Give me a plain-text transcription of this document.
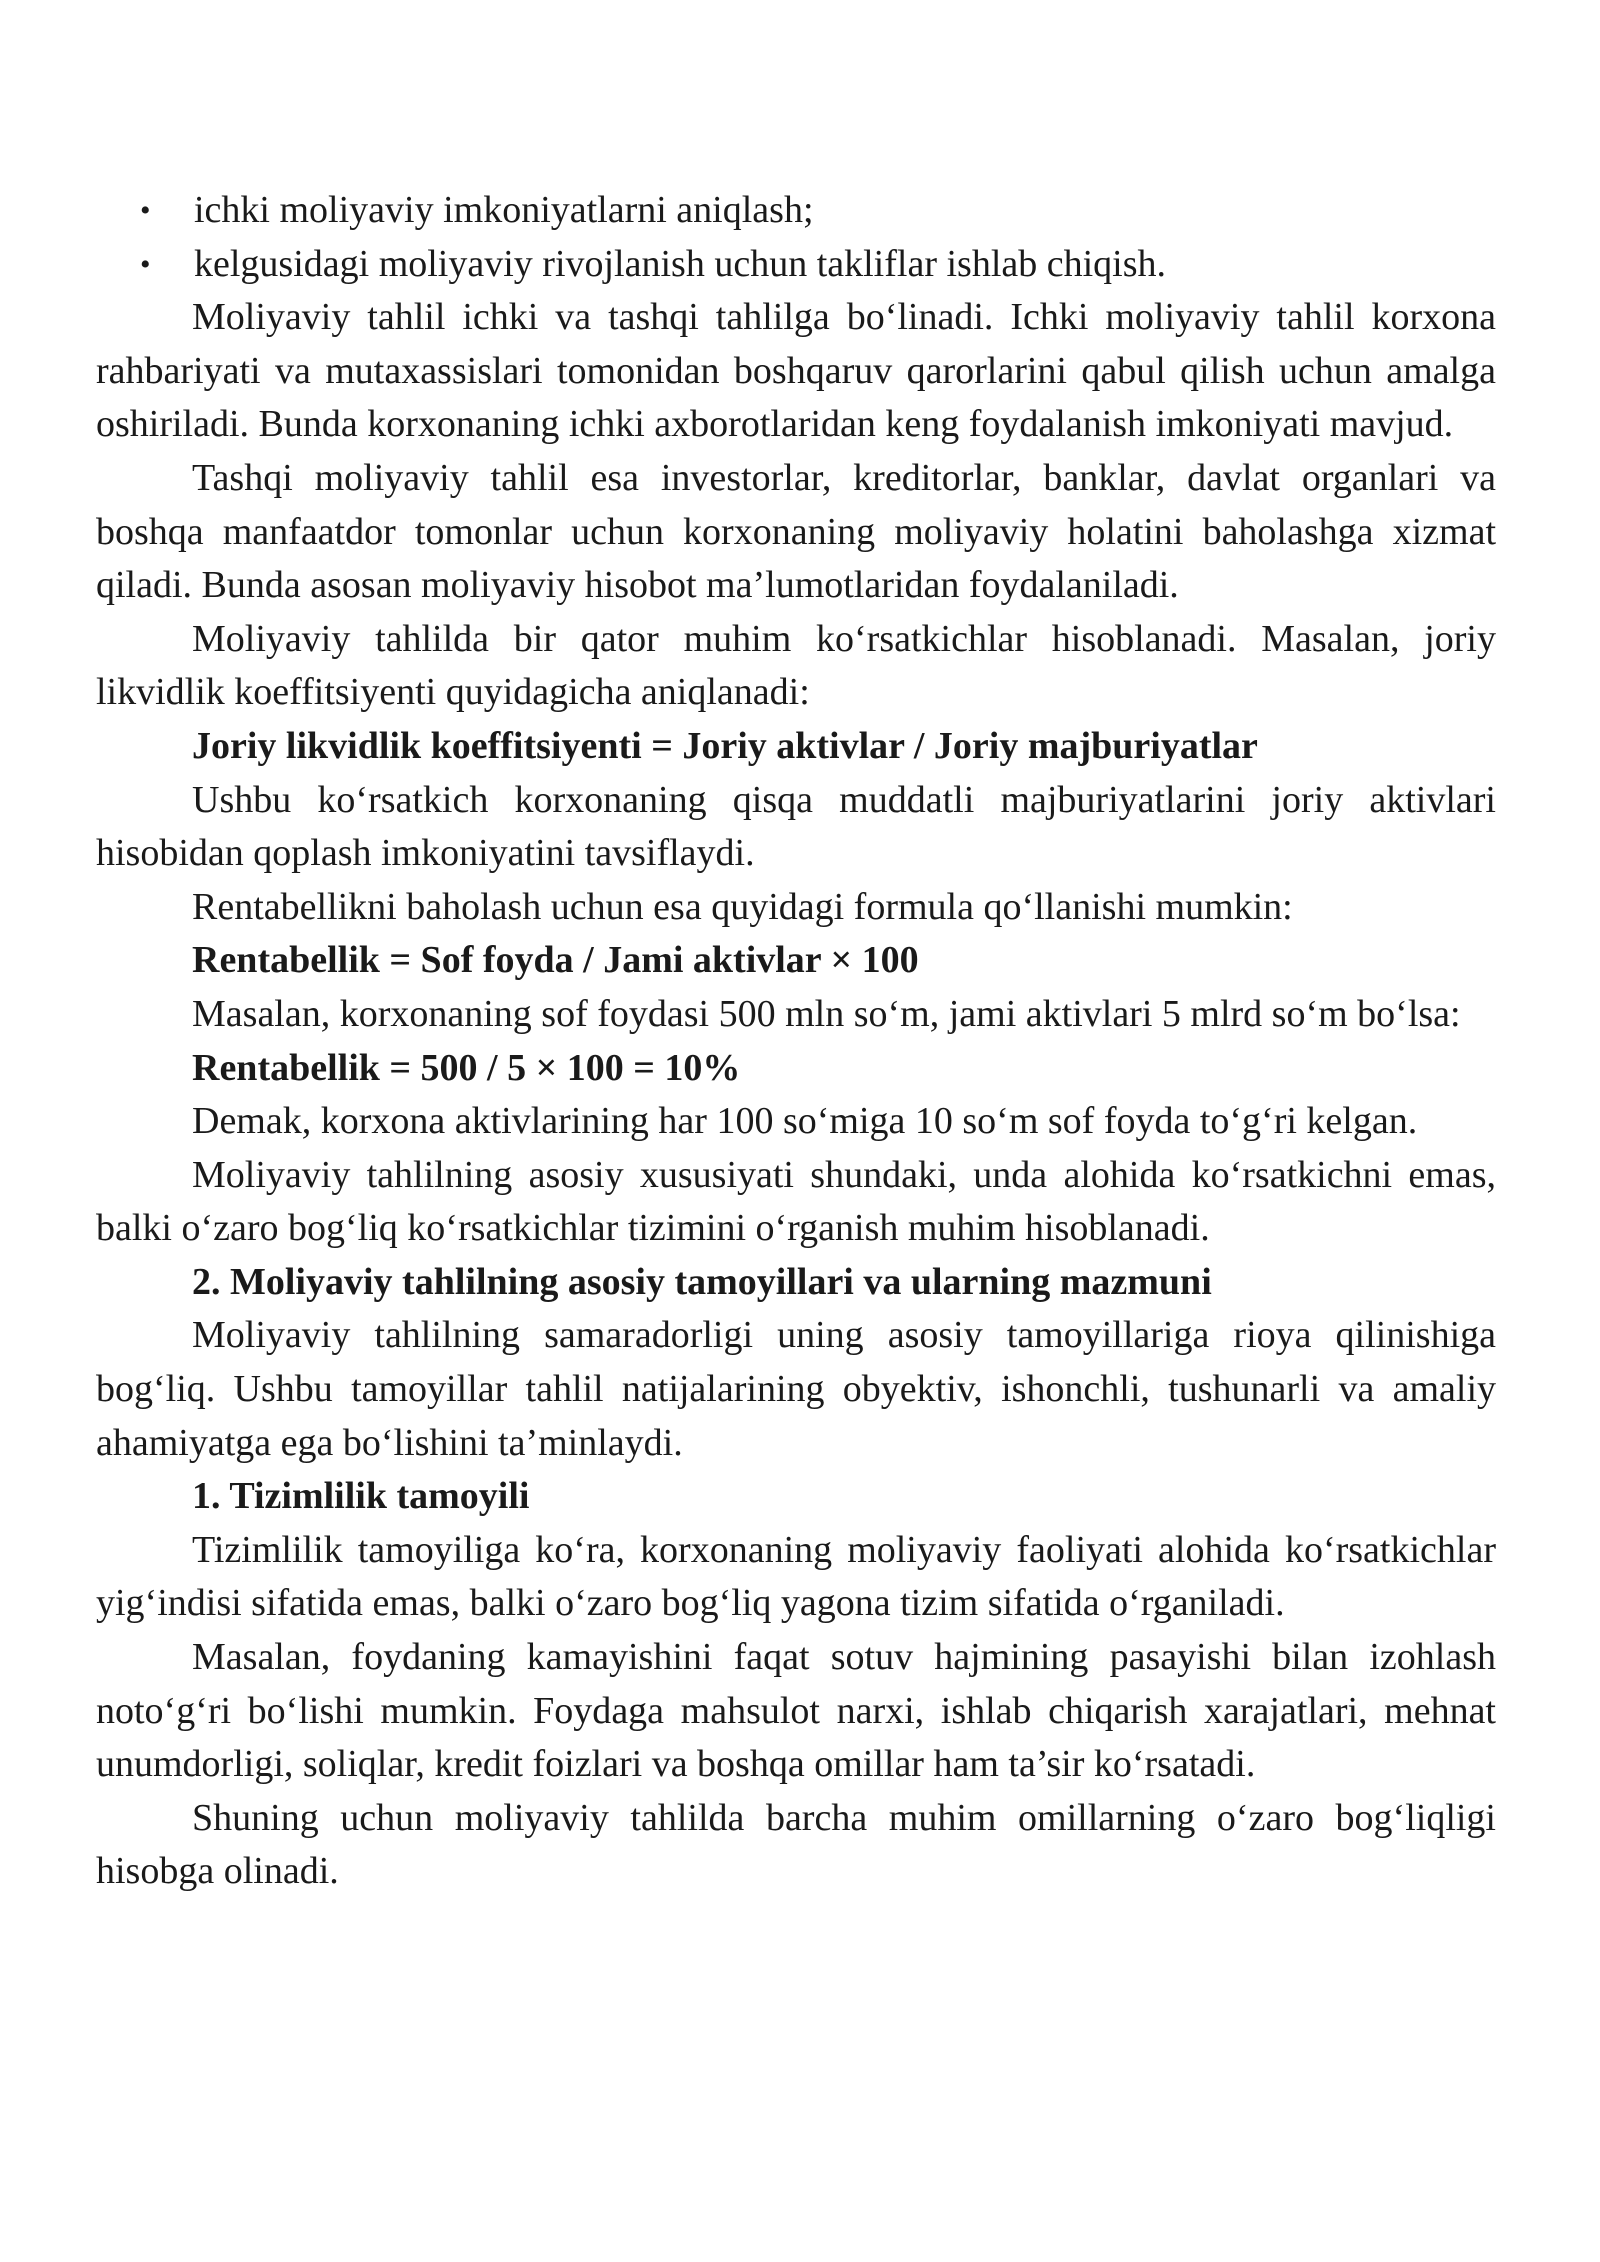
• ichki moliyaviy imkoniyatlarni aniqlash;
• kelgusidagi moliyaviy rivojlanish uchun takliflar ishlab chiqish.

Moliyaviy tahlil ichki va tashqi tahlilga bo‘linadi. Ichki moliyaviy tahlil korxona rahbariyati va mutaxassislari tomonidan boshqaruv qarorlarini qabul qilish uchun amalga oshiriladi. Bunda korxonaning ichki axborotlaridan keng foydalanish imkoniyati mavjud.

Tashqi moliyaviy tahlil esa investorlar, kreditorlar, banklar, davlat organlari va boshqa manfaatdor tomonlar uchun korxonaning moliyaviy holatini baholashga xizmat qiladi. Bunda asosan moliyaviy hisobot ma’lumotlaridan foydalaniladi.

Moliyaviy tahlilda bir qator muhim ko‘rsatkichlar hisoblanadi. Masalan, joriy likvidlik koeffitsiyenti quyidagicha aniqlanadi:

Joriy likvidlik koeffitsiyenti = Joriy aktivlar / Joriy majburiyatlar

Ushbu ko‘rsatkich korxonaning qisqa muddatli majburiyatlarini joriy aktivlari hisobidan qoplash imkoniyatini tavsiflaydi.

Rentabellikni baholash uchun esa quyidagi formula qo‘llanishi mumkin:

Rentabellik = Sof foyda / Jami aktivlar × 100

Masalan, korxonaning sof foydasi 500 mln so‘m, jami aktivlari 5 mlrd so‘m bo‘lsa:

Rentabellik = 500 / 5 × 100 = 10%

Demak, korxona aktivlarining har 100 so‘miga 10 so‘m sof foyda to‘g‘ri kelgan.

Moliyaviy tahlilning asosiy xususiyati shundaki, unda alohida ko‘rsatkichni emas, balki o‘zaro bog‘liq ko‘rsatkichlar tizimini o‘rganish muhim hisoblanadi.

2. Moliyaviy tahlilning asosiy tamoyillari va ularning mazmuni

Moliyaviy tahlilning samaradorligi uning asosiy tamoyillariga rioya qilinishiga bog‘liq. Ushbu tamoyillar tahlil natijalarining obyektiv, ishonchli, tushunarli va amaliy ahamiyatga ega bo‘lishini ta’minlaydi.

1. Tizimlilik tamoyili

Tizimlilik tamoyiliga ko‘ra, korxonaning moliyaviy faoliyati alohida ko‘rsatkichlar yig‘indisi sifatida emas, balki o‘zaro bog‘liq yagona tizim sifatida o‘rganiladi.

Masalan, foydaning kamayishini faqat sotuv hajmining pasayishi bilan izohlash noto‘g‘ri bo‘lishi mumkin. Foydaga mahsulot narxi, ishlab chiqarish xarajatlari, mehnat unumdorligi, soliqlar, kredit foizlari va boshqa omillar ham ta’sir ko‘rsatadi.

Shuning uchun moliyaviy tahlilda barcha muhim omillarning o‘zaro bog‘liqligi hisobga olinadi.
